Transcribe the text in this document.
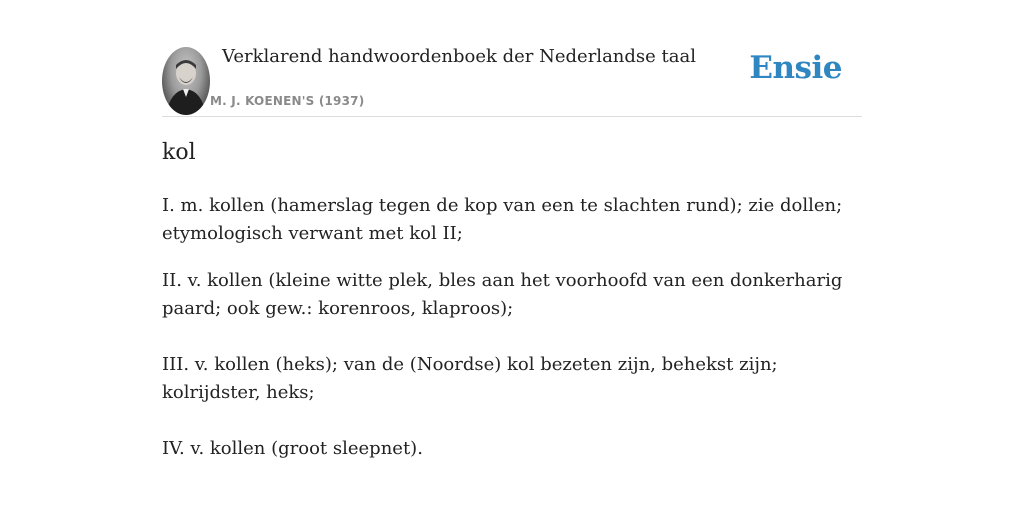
Verklarend handwoordenboek der Nederlandse taal
M. J. KOENEN'S (1937)
Ensie
kol

I. m. kollen (hamerslag tegen de kop van een te slachten rund); zie dollen; etymologisch verwant met kol II;

II. v. kollen (kleine witte plek, bles aan het voorhoofd van een donkerharig paard; ook gew.: korenroos, klaproos);

III. v. kollen (heks); van de (Noordse) kol bezeten zijn, behekst zijn; kolrijdster, heks;

IV. v. kollen (groot sleepnet).
